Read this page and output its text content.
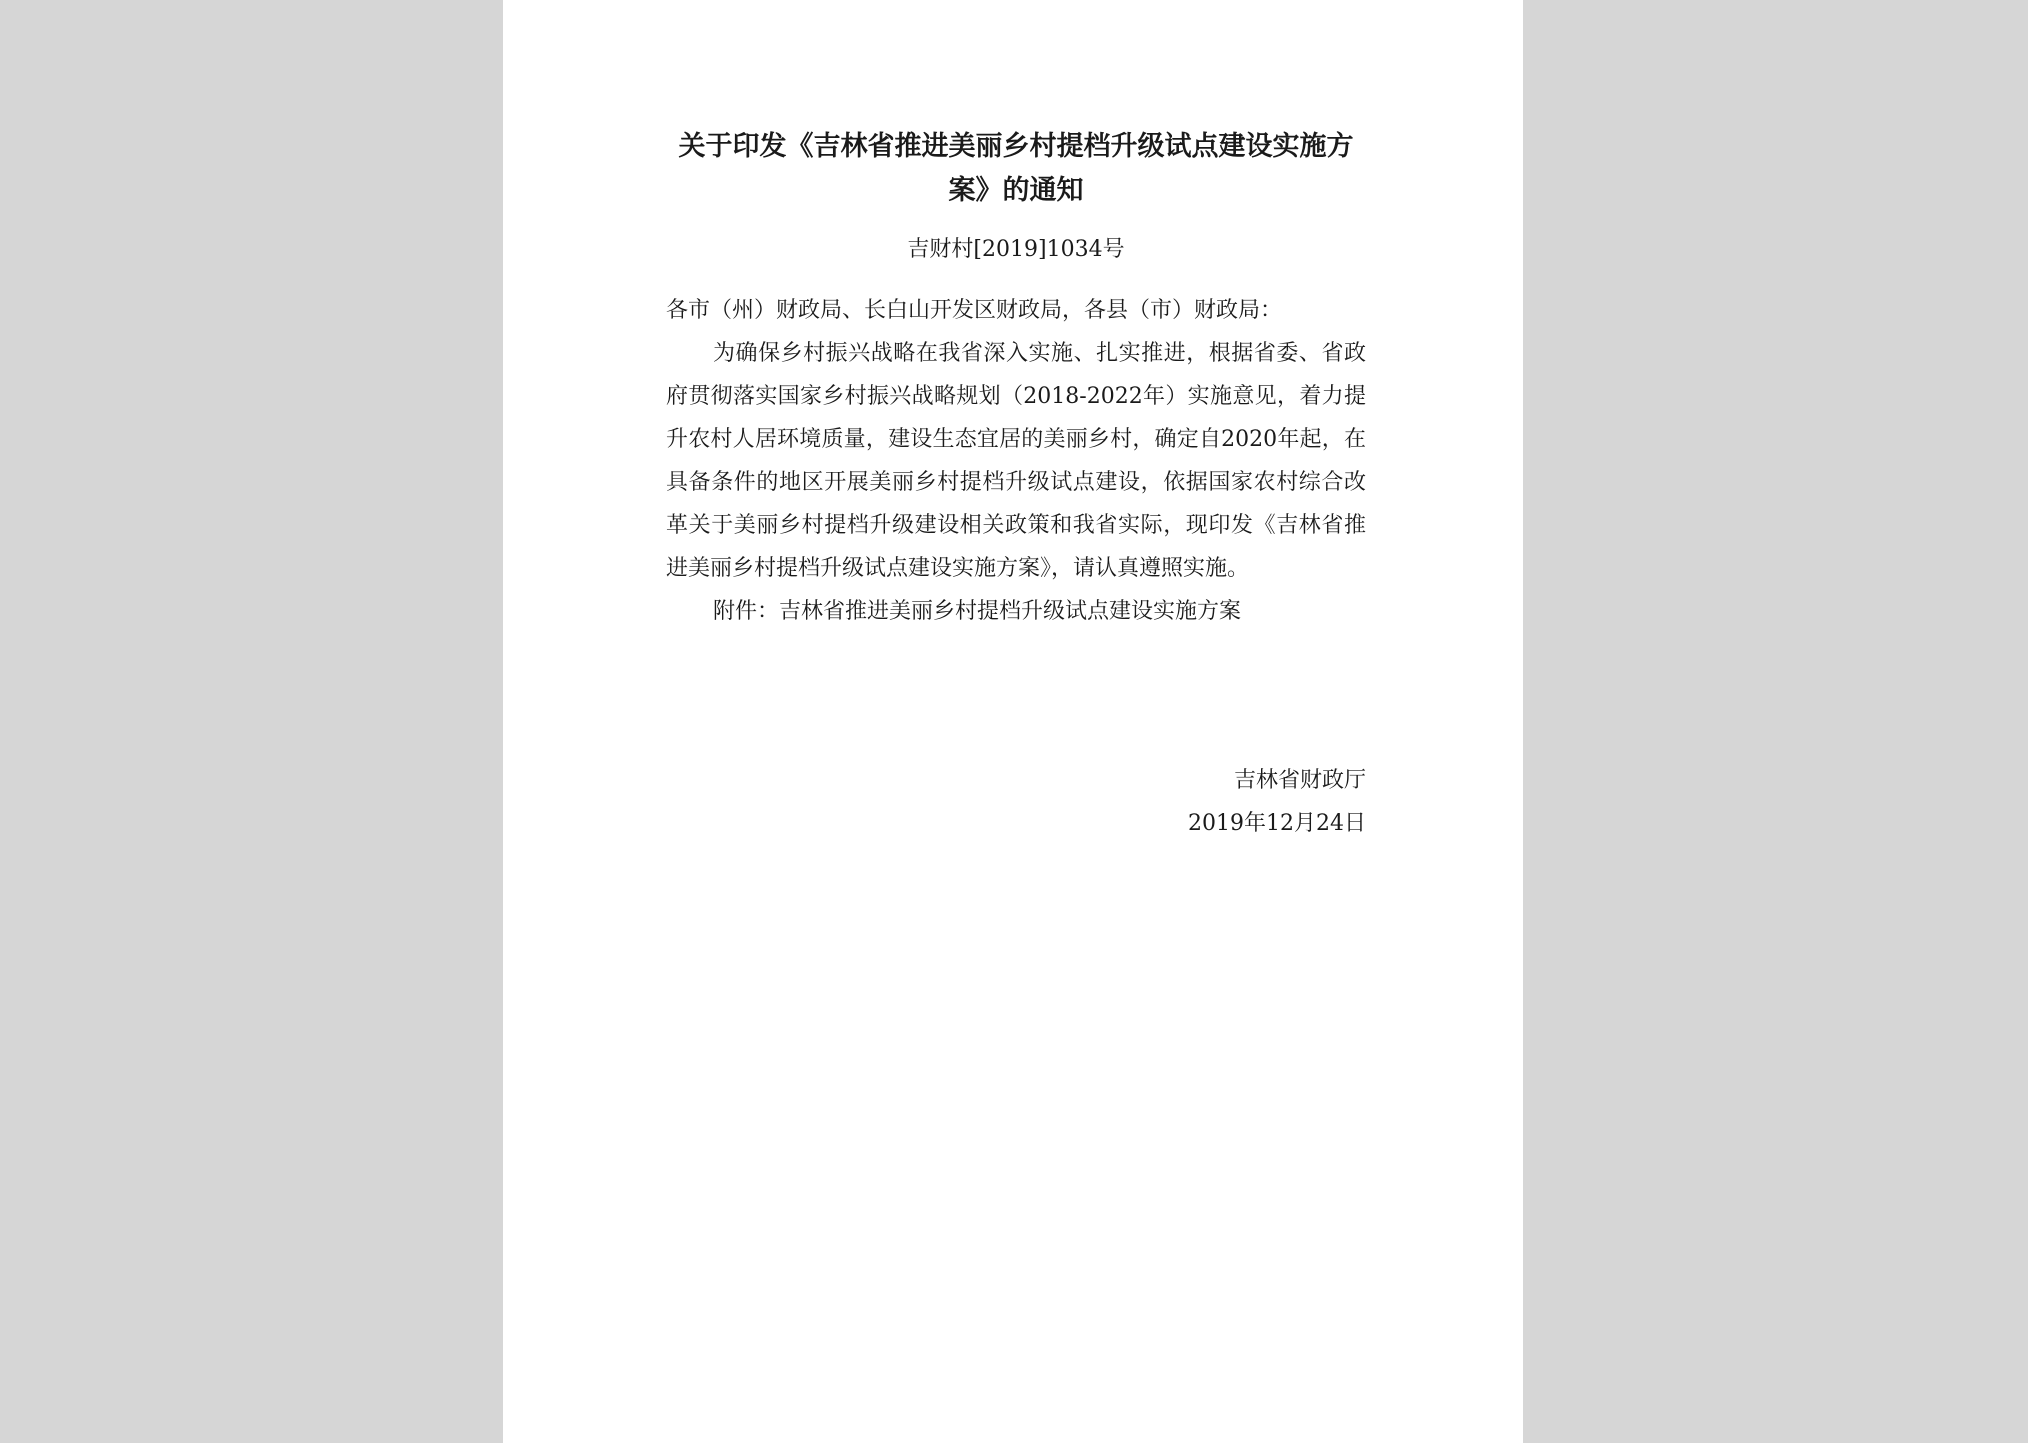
关于印发《吉林省推进美丽乡村提档升级试点建设实施方
案》的通知
吉财村[2019]1034号

各市（州）财政局、长白山开发区财政局，各县（市）财政局：

为确保乡村振兴战略在我省深入实施、扎实推进，根据省委、省政府贯彻落实国家乡村振兴战略规划（2018-2022年）实施意见，着力提升农村人居环境质量，建设生态宜居的美丽乡村，确定自2020年起，在具备条件的地区开展美丽乡村提档升级试点建设，依据国家农村综合改革关于美丽乡村提档升级建设相关政策和我省实际，现印发《吉林省推进美丽乡村提档升级试点建设实施方案》，请认真遵照实施。

附件：吉林省推进美丽乡村提档升级试点建设实施方案

吉林省财政厅
2019年12月24日
